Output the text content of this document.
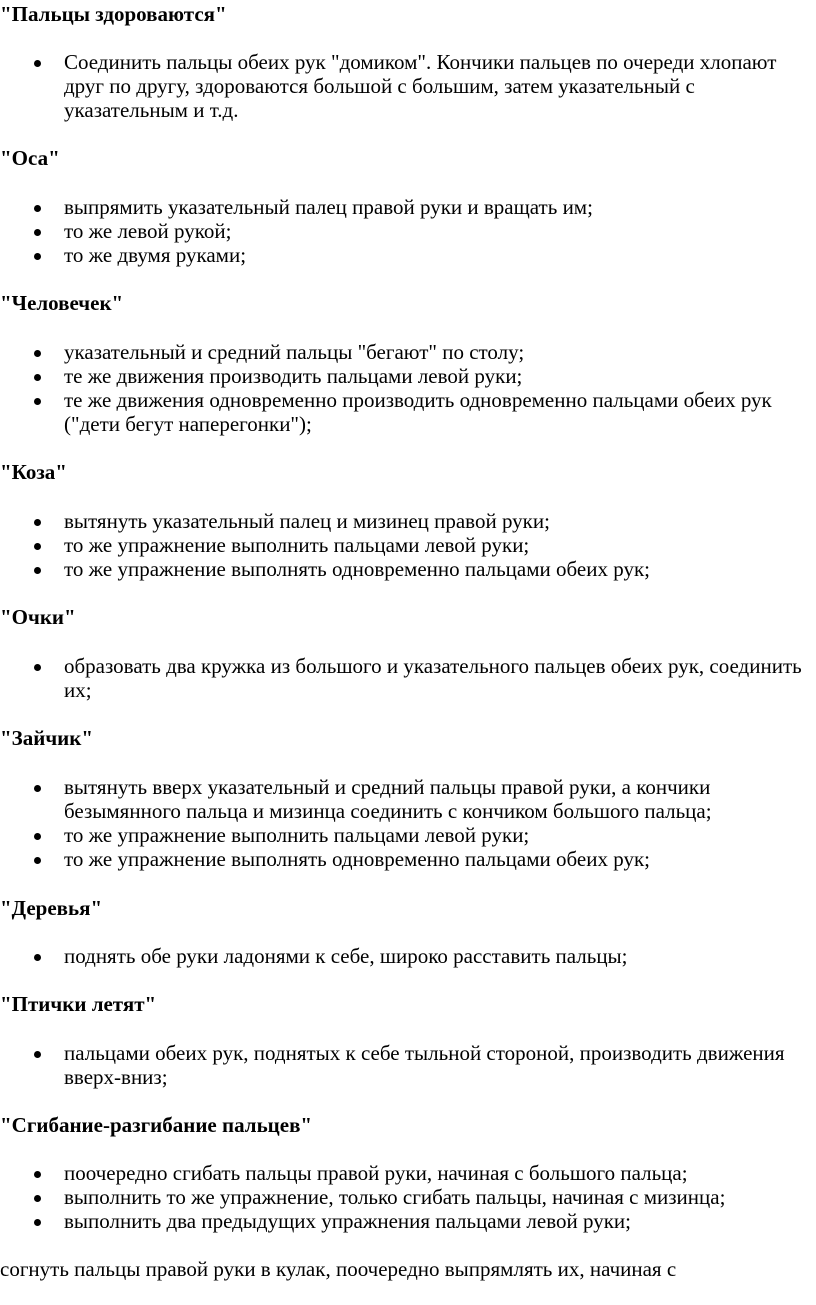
"Пальцы здороваются"
Соединить пальцы обеих рук "домиком". Кончики пальцев по очереди хлопают друг по другу, здороваются большой с большим, затем указательный с указательным и т.д.
"Оса"
выпрямить указательный палец правой руки и вращать им;
то же левой рукой;
то же двумя руками;
"Человечек"
указательный и средний пальцы "бегают" по столу;
те же движения производить пальцами левой руки;
те же движения одновременно производить одновременно пальцами обеих рук ("дети бегут наперегонки");
"Коза"
вытянуть указательный палец и мизинец правой руки;
то же упражнение выполнить пальцами левой руки;
то же упражнение выполнять одновременно пальцами обеих рук;
"Очки"
образовать два кружка из большого и указательного пальцев обеих рук, соединить их;
"Зайчик"
вытянуть вверх указательный и средний пальцы правой руки, а кончики безымянного пальца и мизинца соединить с кончиком большого пальца;
то же упражнение выполнить пальцами левой руки;
то же упражнение выполнять одновременно пальцами обеих рук;
"Деревья"
поднять обе руки ладонями к себе, широко расставить пальцы;
"Птички летят"
пальцами обеих рук, поднятых к себе тыльной стороной, производить движения вверх-вниз;
"Сгибание-разгибание пальцев"
поочередно сгибать пальцы правой руки, начиная с большого пальца;
выполнить то же упражнение, только сгибать пальцы, начиная с мизинца;
выполнить два предыдущих упражнения пальцами левой руки;

согнуть пальцы правой руки в кулак, поочередно выпрямлять их, начиная с
